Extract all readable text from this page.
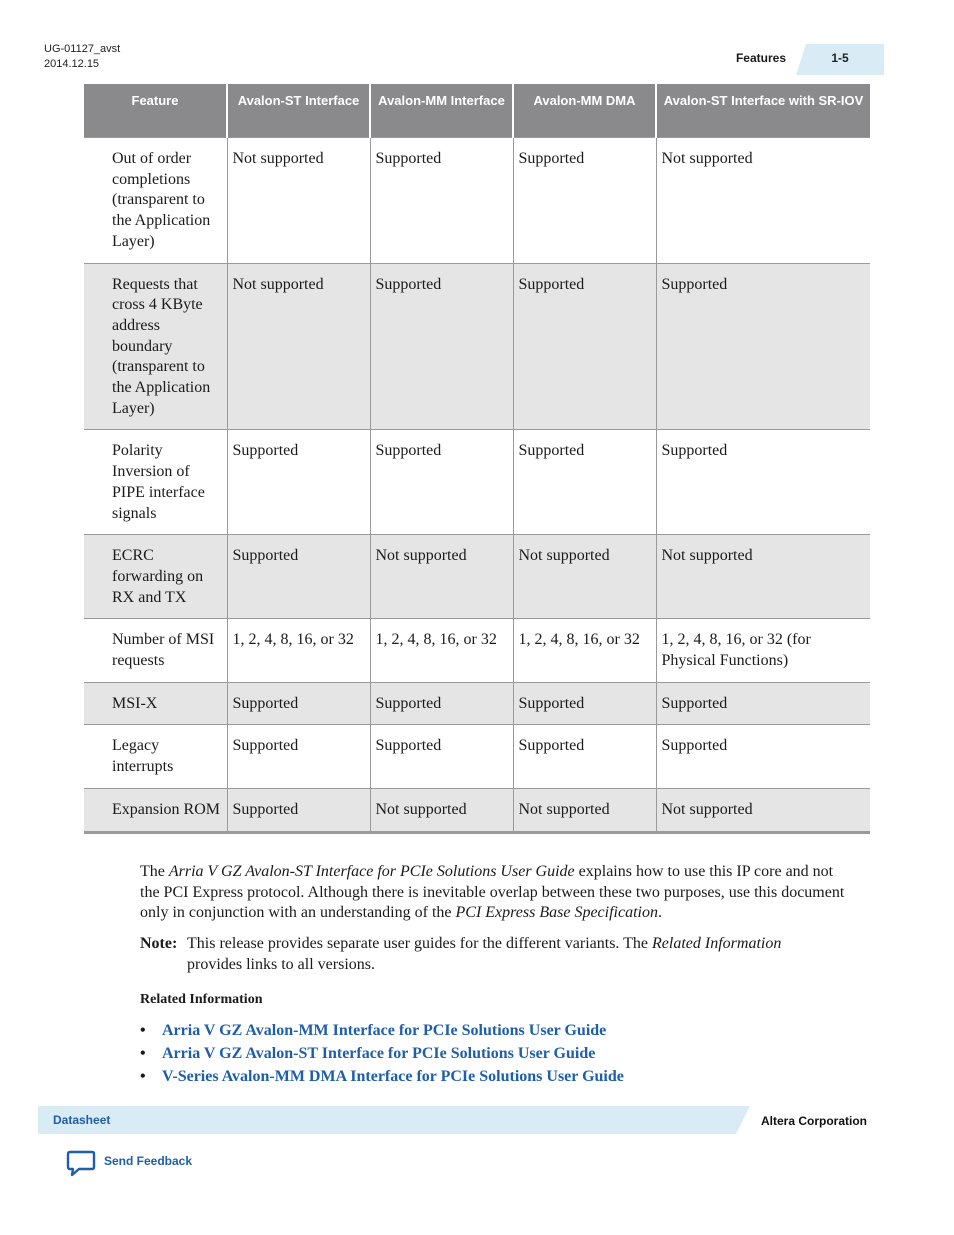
UG-01127_avst
2014.12.15	Features	1-5
Feature	Avalon-ST Interface	Avalon-MM Interface	Avalon-MM DMA	Avalon-ST Interface with SR-IOV
Out of order completions (transparent to the Application Layer)	Not supported	Supported	Supported	Not supported
Requests that cross 4 KByte address boundary (transparent to the Application Layer)	Not supported	Supported	Supported	Supported
Polarity Inversion of PIPE interface signals	Supported	Supported	Supported	Supported
ECRC forwarding on RX and TX	Supported	Not supported	Not supported	Not supported
Number of MSI requests	1, 2, 4, 8, 16, or 32	1, 2, 4, 8, 16, or 32	1, 2, 4, 8, 16, or 32	1, 2, 4, 8, 16, or 32 (for Physical Functions)
MSI-X	Supported	Supported	Supported	Supported
Legacy interrupts	Supported	Supported	Supported	Supported
Expansion ROM	Supported	Not supported	Not supported	Not supported
The Arria V GZ Avalon-ST Interface for PCIe Solutions User Guide explains how to use this IP core and not the PCI Express protocol. Although there is inevitable overlap between these two purposes, use this document only in conjunction with an understanding of the PCI Express Base Specification.
Note: This release provides separate user guides for the different variants. The Related Information
provides links to all versions.
Related Information
• Arria V GZ Avalon-MM Interface for PCIe Solutions User Guide
• Arria V GZ Avalon-ST Interface for PCIe Solutions User Guide
• V-Series Avalon-MM DMA Interface for PCIe Solutions User Guide
Datasheet	Altera Corporation
Send Feedback
